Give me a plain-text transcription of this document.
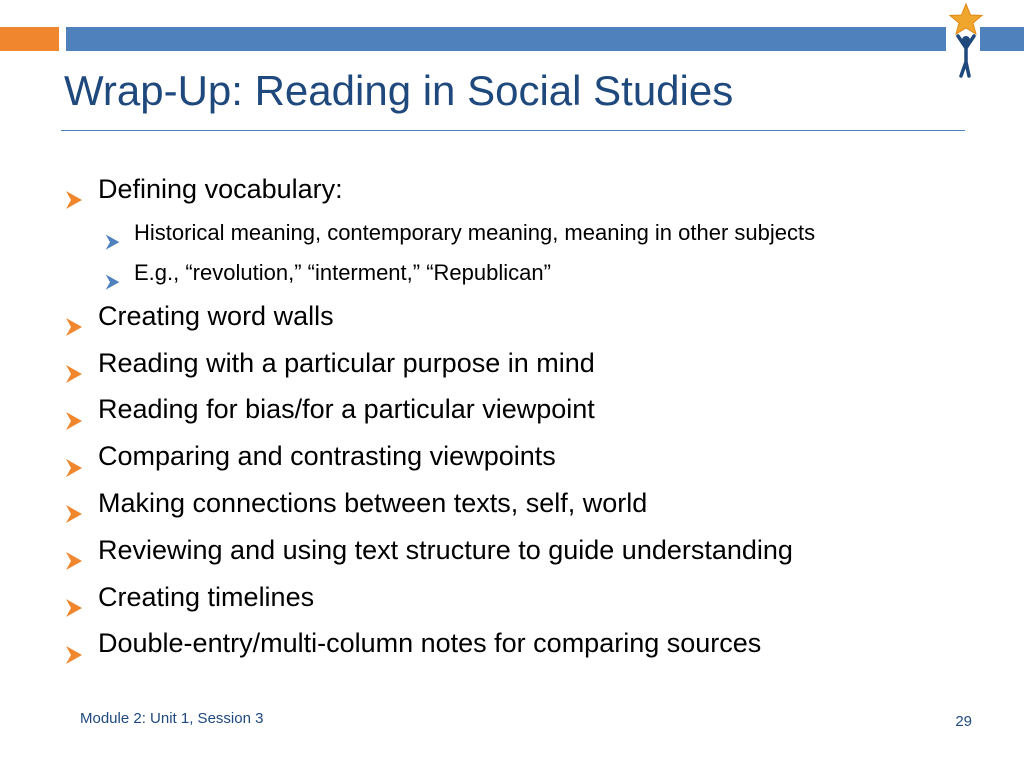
Wrap-Up: Reading in Social Studies
Defining vocabulary:
Historical meaning, contemporary meaning, meaning in other subjects
E.g., “revolution,” “interment,” “Republican”
Creating word walls
Reading with a particular purpose in mind
Reading for bias/for a particular viewpoint
Comparing and contrasting viewpoints
Making connections between texts, self, world
Reviewing and using text structure to guide understanding
Creating timelines
Double-entry/multi-column notes for comparing sources
Module 2: Unit 1, Session 3	29
